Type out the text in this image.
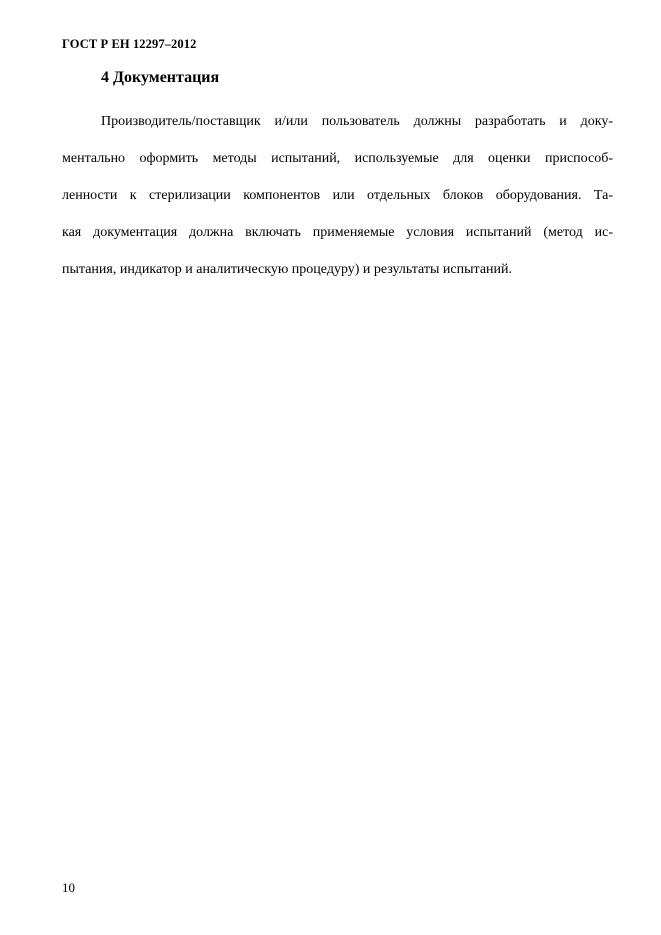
ГОСТ Р ЕН 12297–2012
4 Документация
Производитель/поставщик и/или пользователь должны разработать и доку-
ментально оформить методы испытаний, используемые для оценки приспособ-
ленности к стерилизации компонентов или отдельных блоков оборудования. Та-
кая документация должна включать применяемые условия испытаний (метод ис-
пытания, индикатор и аналитическую процедуру) и результаты испытаний.
10
